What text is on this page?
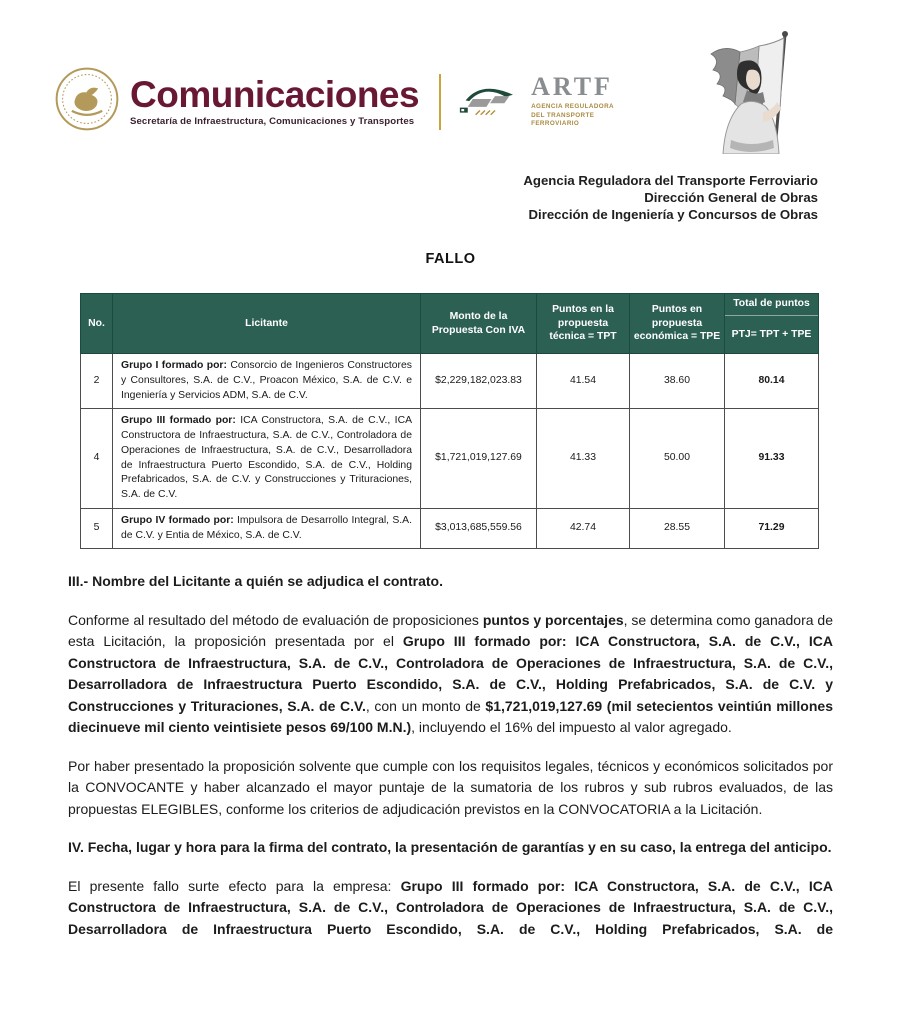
Comunicaciones
Secretaría de Infraestructura, Comunicaciones y Transportes
ARTF
AGENCIA REGULADORA
DEL TRANSPORTE
FERROVIARIO
Agencia Reguladora del Transporte Ferroviario
Dirección General de Obras
Dirección de Ingeniería y Concursos de Obras
FALLO
No.	Licitante	Monto de la Propuesta Con IVA	Puntos en la propuesta técnica = TPT	Puntos en propuesta económica = TPE	Total de puntos
PTJ= TPT + TPE

2	Grupo I formado por: Consorcio de Ingenieros Constructores y Consultores, S.A. de C.V., Proacon México, S.A. de C.V. e Ingeniería y Servicios ADM, S.A. de C.V.	$2,229,182,023.83	41.54	38.60	80.14
4	Grupo III formado por: ICA Constructora, S.A. de C.V., ICA Constructora de Infraestructura, S.A. de C.V., Controladora de Operaciones de Infraestructura, S.A. de C.V., Desarrolladora de Infraestructura Puerto Escondido, S.A. de C.V., Holding Prefabricados, S.A. de C.V. y Construcciones y Trituraciones, S.A. de C.V.	$1,721,019,127.69	41.33	50.00	91.33
5	Grupo IV formado por: Impulsora de Desarrollo Integral, S.A. de C.V. y Entia de México, S.A. de C.V.	$3,013,685,559.56	42.74	28.55	71.29

III.- Nombre del Licitante a quién se adjudica el contrato.

Conforme al resultado del método de evaluación de proposiciones puntos y porcentajes, se determina como ganadora de esta Licitación, la proposición presentada por el Grupo III formado por: ICA Constructora, S.A. de C.V., ICA Constructora de Infraestructura, S.A. de C.V., Controladora de Operaciones de Infraestructura, S.A. de C.V., Desarrolladora de Infraestructura Puerto Escondido, S.A. de C.V., Holding Prefabricados, S.A. de C.V. y Construcciones y Trituraciones, S.A. de C.V., con un monto de $1,721,019,127.69 (mil setecientos veintiún millones diecinueve mil ciento veintisiete pesos 69/100 M.N.), incluyendo el 16% del impuesto al valor agregado.

Por haber presentado la proposición solvente que cumple con los requisitos legales, técnicos y económicos solicitados por la CONVOCANTE y haber alcanzado el mayor puntaje de la sumatoria de los rubros y sub rubros evaluados, de las propuestas ELEGIBLES, conforme los criterios de adjudicación previstos en la CONVOCATORIA a la Licitación.

IV. Fecha, lugar y hora para la firma del contrato, la presentación de garantías y en su caso, la entrega del anticipo.

El presente fallo surte efecto para la empresa: Grupo III formado por: ICA Constructora, S.A. de C.V., ICA Constructora de Infraestructura, S.A. de C.V., Controladora de Operaciones de Infraestructura, S.A. de C.V., Desarrolladora de Infraestructura Puerto Escondido, S.A. de C.V., Holding Prefabricados, S.A. de
